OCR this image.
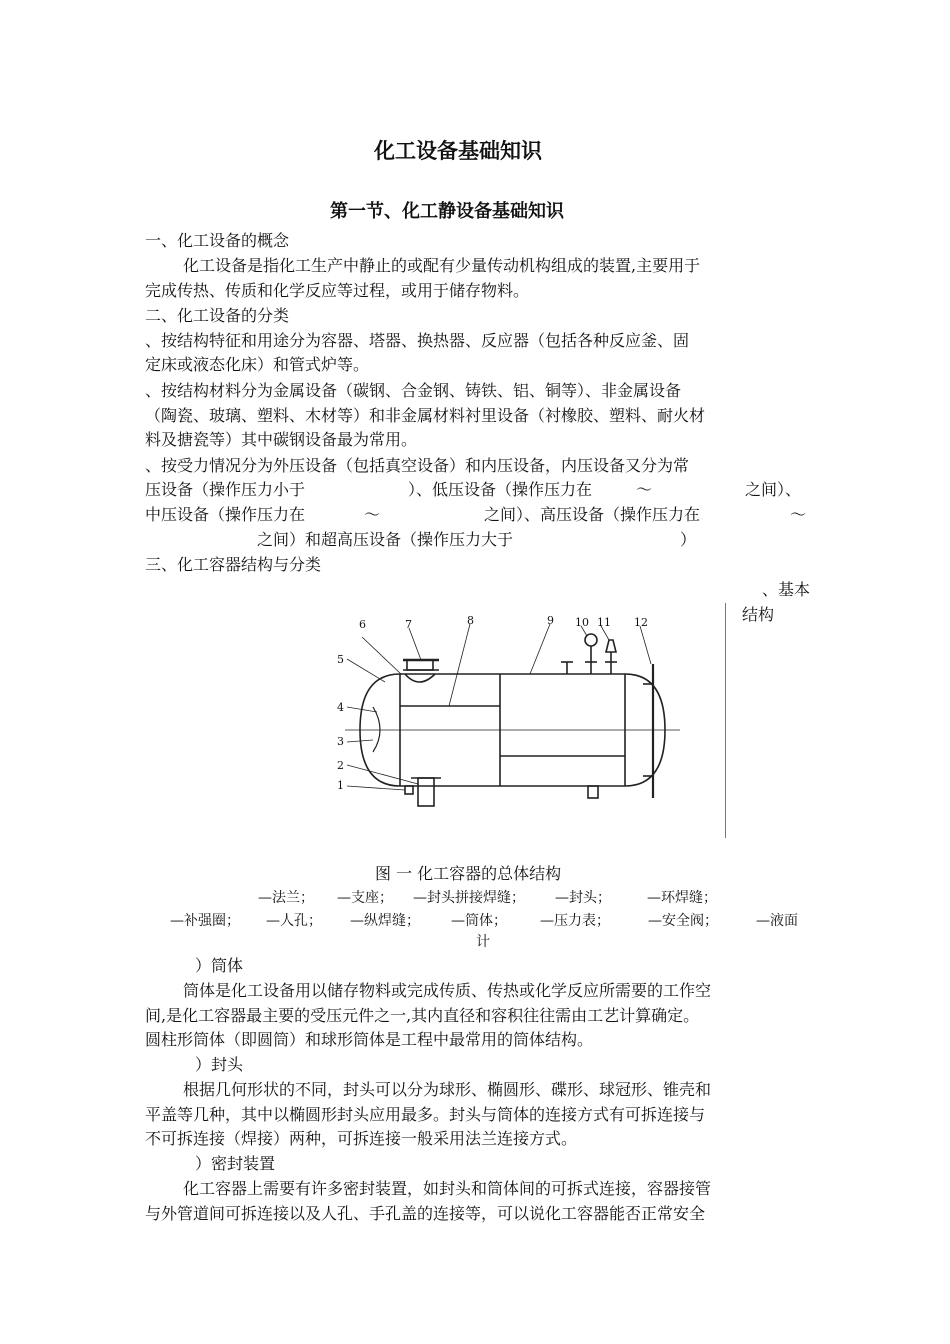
化工设备基础知识
第一节、化工静设备基础知识
一、化工设备的概念
化工设备是指化工生产中静止的或配有少量传动机构组成的装置,主要用于
完成传热、传质和化学反应等过程，或用于储存物料。
二、化工设备的分类
、按结构特征和用途分为容器、塔器、换热器、反应器（包括各种反应釜、固
定床或液态化床）和管式炉等。
、按结构材料分为金属设备（碳钢、合金钢、铸铁、铝、铜等）、非金属设备
（陶瓷、玻璃、塑料、木材等）和非金属材料衬里设备（衬橡胶、塑料、耐火材
料及搪瓷等）其中碳钢设备最为常用。
、按受力情况分为外压设备（包括真空设备）和内压设备，内压设备又分为常
压设备（操作压力小于	）、低压设备（操作压力在	～	之间）、
中压设备（操作压力在	～	之间）、高压设备（操作压力在	～
之间）和超高压设备（操作压力大于	）
三、化工容器结构与分类
、基本
结构
1
2
3
4
5
6	7	8	9 10 11 12
图 一 化工容器的总体结构
—法兰； —支座； —封头拼接焊缝； —封头；	—环焊缝；
—补强圈； —人孔； —纵焊缝； —筒体； —压力表；	—安全阀；	—液面
计
）筒体
筒体是化工设备用以储存物料或完成传质、传热或化学反应所需要的工作空
间,是化工容器最主要的受压元件之一,其内直径和容积往往需由工艺计算确定。
圆柱形筒体（即圆筒）和球形筒体是工程中最常用的筒体结构。
）封头
根据几何形状的不同，封头可以分为球形、椭圆形、碟形、球冠形、锥壳和
平盖等几种，其中以椭圆形封头应用最多。封头与筒体的连接方式有可拆连接与
不可拆连接（焊接）两种，可拆连接一般采用法兰连接方式。
）密封装置
化工容器上需要有许多密封装置，如封头和筒体间的可拆式连接，容器接管
与外管道间可拆连接以及人孔、手孔盖的连接等，可以说化工容器能否正常安全
